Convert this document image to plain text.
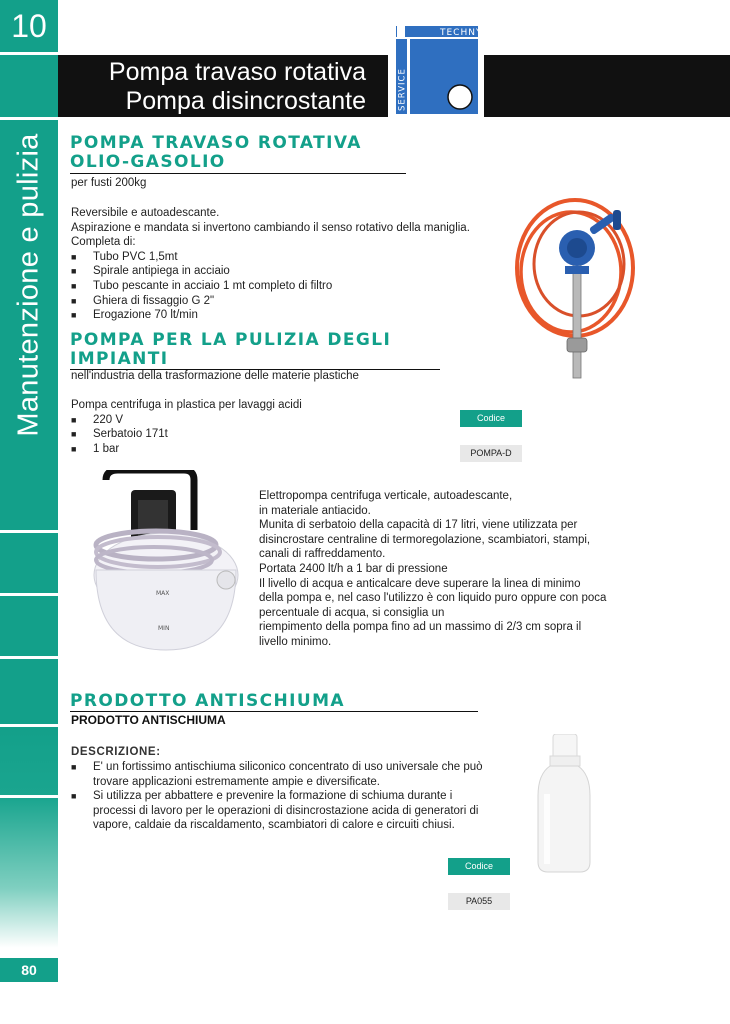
10
Manutenzione e pulizia
80
Pompa travaso rotativa
Pompa disincrostante
TECHNY
SERVICE
POMPA TRAVASO ROTATIVA
OLIO-GASOLIO
per fusti 200kg
Reversibile e autoadescante.
Aspirazione e mandata si invertono cambiando il senso rotativo della maniglia.
Completa di:
■ Tubo PVC 1,5mt
■ Spirale antipiega in acciaio
■ Tubo pescante in acciaio 1 mt completo di filtro
■ Ghiera di fissaggio G 2"
■ Erogazione 70 lt/min
POMPA PER LA PULIZIA DEGLI
IMPIANTI
nell'industria della trasformazione delle materie plastiche
Pompa centrifuga in plastica per lavaggi acidi
■ 220 V
■ Serbatoio 171t
■ 1 bar
Codice
POMPA-D
MAX
MIN
Elettropompa centrifuga verticale, autoadescante,
in materiale antiacido.
Munita di serbatoio della capacità di 17 litri, viene utilizzata per
disincrostare centraline di termoregolazione, scambiatori, stampi,
canali di raffreddamento.
Portata 2400 lt/h a 1 bar di pressione
Il livello di acqua e anticalcare deve superare la linea di minimo
della pompa e, nel caso l'utilizzo è con liquido puro oppure con poca
percentuale di acqua, si consiglia un
riempimento della pompa fino ad un massimo di 2/3 cm sopra il
livello minimo.
PRODOTTO ANTISCHIUMA
PRODOTTO ANTISCHIUMA
DESCRIZIONE:
■ E' un fortissimo antischiuma siliconico concentrato di uso universale che può
trovare applicazioni estremamente ampie e diversificate.
■ Si utilizza per abbattere e prevenire la formazione di schiuma durante i
processi di lavoro per le operazioni di disincrostazione acida di generatori di
vapore, caldaie da riscaldamento, scambiatori di calore e circuiti chiusi.
Codice
PA055
